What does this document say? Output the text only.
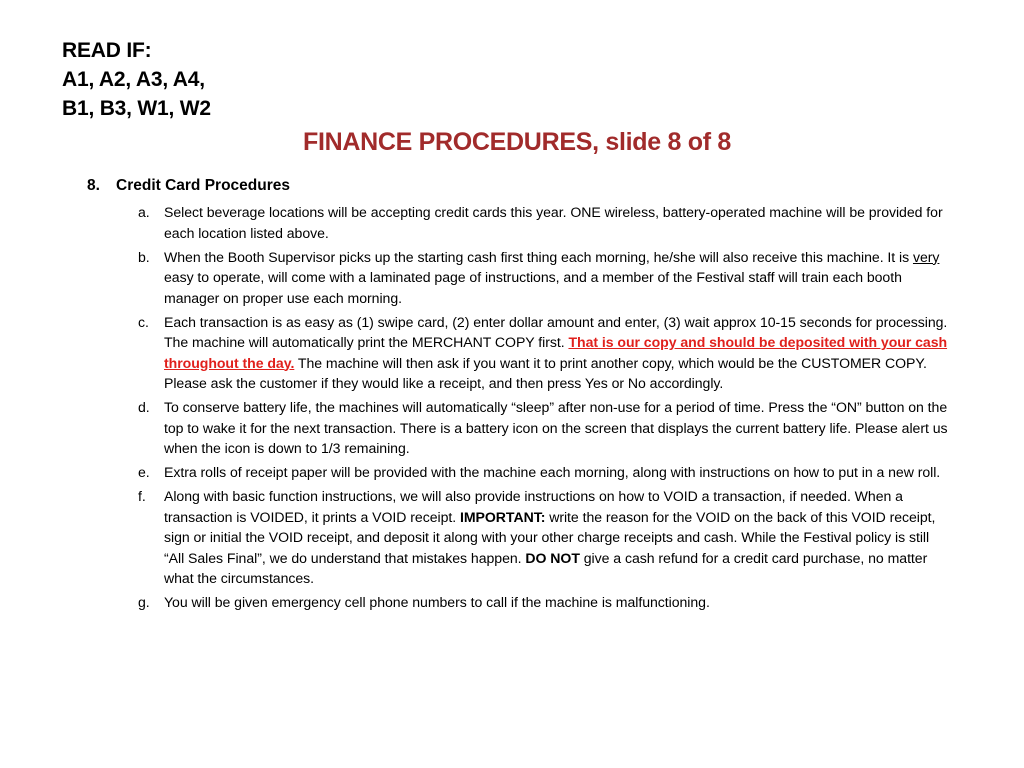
READ IF:
A1, A2, A3, A4,
B1, B3, W1, W2
FINANCE PROCEDURES, slide 8 of 8
8. Credit Card Procedures
a.	Select beverage locations will be accepting credit cards this year. ONE wireless, battery-operated machine will be provided for each location listed above.
b.	When the Booth Supervisor picks up the starting cash first thing each morning, he/she will also receive this machine. It is very easy to operate, will come with a laminated page of instructions, and a member of the Festival staff will train each booth manager on proper use each morning.
c.	Each transaction is as easy as (1) swipe card, (2) enter dollar amount and enter, (3) wait approx 10-15 seconds for processing. The machine will automatically print the MERCHANT COPY first. That is our copy and should be deposited with your cash throughout the day. The machine will then ask if you want it to print another copy, which would be the CUSTOMER COPY. Please ask the customer if they would like a receipt, and then press Yes or No accordingly.
d.	To conserve battery life, the machines will automatically “sleep” after non-use for a period of time. Press the “ON” button on the top to wake it for the next transaction. There is a battery icon on the screen that displays the current battery life. Please alert us when the icon is down to 1/3 remaining.
e.	Extra rolls of receipt paper will be provided with the machine each morning, along with instructions on how to put in a new roll.
f.	Along with basic function instructions, we will also provide instructions on how to VOID a transaction, if needed. When a transaction is VOIDED, it prints a VOID receipt. IMPORTANT: write the reason for the VOID on the back of this VOID receipt, sign or initial the VOID receipt, and deposit it along with your other charge receipts and cash. While the Festival policy is still “All Sales Final”, we do understand that mistakes happen. DO NOT give a cash refund for a credit card purchase, no matter what the circumstances.
g.	You will be given emergency cell phone numbers to call if the machine is malfunctioning.
